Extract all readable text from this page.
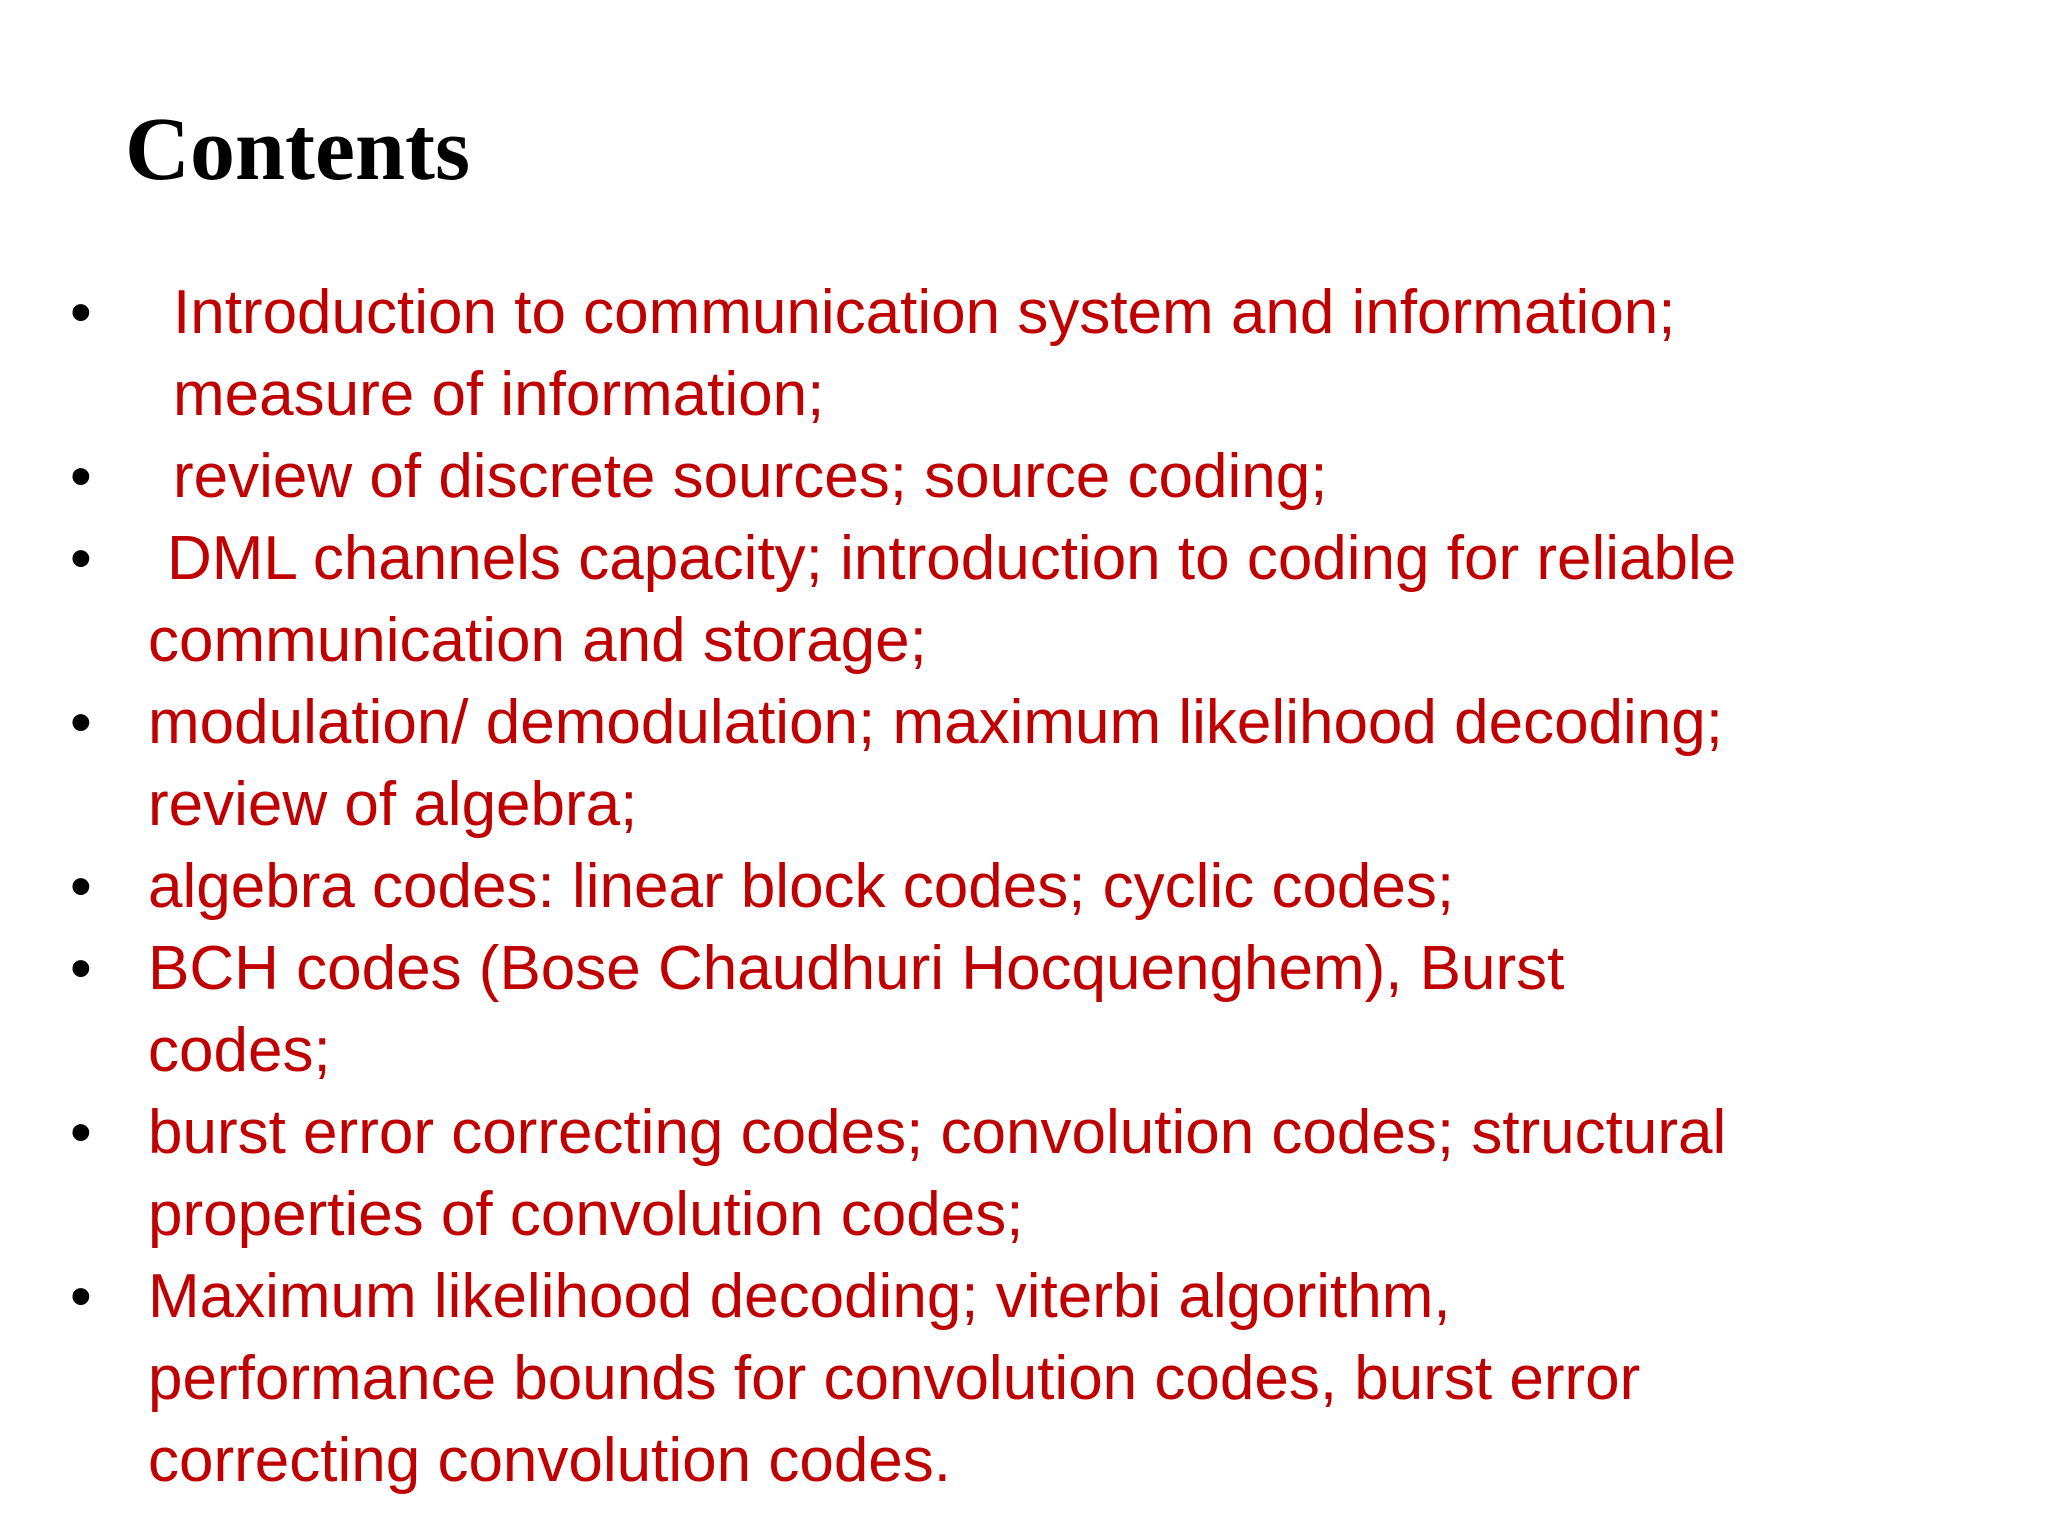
Contents
• Introduction to communication system and information;
measure of information;
• review of discrete sources; source coding;
• DML channels capacity; introduction to coding for reliable
communication and storage;
• modulation/ demodulation; maximum likelihood decoding;
review of algebra;
• algebra codes: linear block codes; cyclic codes;
• BCH codes (Bose Chaudhuri Hocquenghem), Burst
codes;
• burst error correcting codes; convolution codes; structural
properties of convolution codes;
• Maximum likelihood decoding; viterbi algorithm,
performance bounds for convolution codes, burst error
correcting convolution codes.
